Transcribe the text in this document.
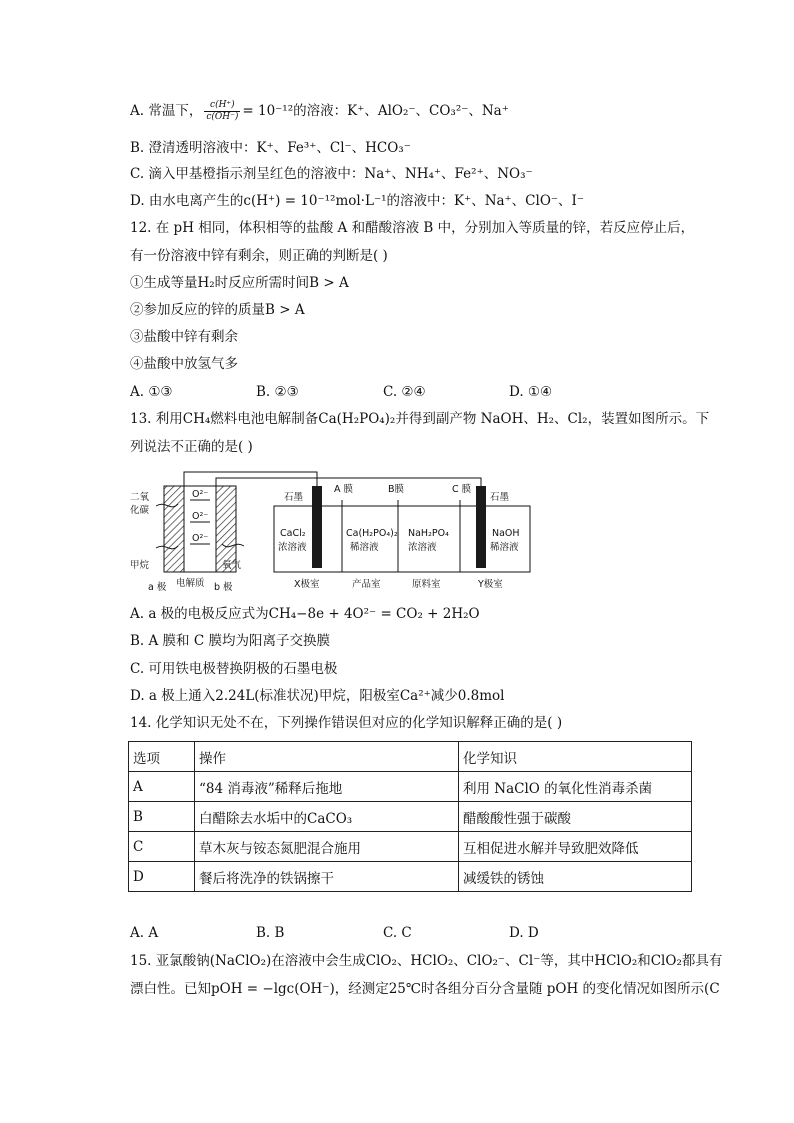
A. 常温下， $\frac{c(H^+)}{c(OH^-)} = 10^{-12}$的溶液：K⁺、AlO₂⁻、CO₃²⁻、Na⁺
B. 澄清透明溶液中：K⁺、Fe³⁺、Cl⁻、HCO₃⁻
C. 滴入甲基橙指示剂呈红色的溶液中：Na⁺、NH₄⁺、Fe²⁺、NO₃⁻
D. 由水电离产生的c(H⁺) = 10⁻¹²mol·L⁻¹的溶液中：K⁺、Na⁺、ClO⁻、I⁻
12. 在 pH 相同，体积相等的盐酸 A 和醋酸溶液 B 中，分别加入等质量的锌，若反应停止后，
有一份溶液中锌有剩余，则正确的判断是( )
①生成等量H₂时反应所需时间B > A
②参加反应的锌的质量B > A
③盐酸中锌有剩余
④盐酸中放氢气多
A. ①③	B. ②③	C. ②④	D. ①④
13. 利用CH₄燃料电池电解制备Ca(H₂PO₄)₂并得到副产物 NaOH、H₂、Cl₂，装置如图所示。下
列说法不正确的是( )
O²⁻
O²⁻
O²⁻
二氧
化碳
甲烷	氧气
a 极 电解质 b 极
石墨	石墨
A 膜	B膜	C 膜
CaCl₂
浓溶液
Ca(H₂PO₄)₂
稀溶液
NaH₂PO₄
浓溶液
NaOH
稀溶液
X极室	产品室	原料室	Y极室
A. a 极的电极反应式为CH₄−8e + 4O²⁻ = CO₂ + 2H₂O
B. A 膜和 C 膜均为阳离子交换膜
C. 可用铁电极替换阴极的石墨电极
D. a 极上通入2.24L(标准状况)甲烷，阳极室Ca²⁺减少0.8mol
14. 化学知识无处不在，下列操作错误但对应的化学知识解释正确的是( )
选项	操作	化学知识
A	“84 消毒液”稀释后拖地	利用 NaClO 的氧化性消毒杀菌
B	白醋除去水垢中的CaCO₃	醋酸酸性强于碳酸
C	草木灰与铵态氮肥混合施用	互相促进水解并导致肥效降低
D	餐后将洗净的铁锅擦干	减缓铁的锈蚀
A. A	B. B	C. C	D. D
15. 亚氯酸钠(NaClO₂)在溶液中会生成ClO₂、HClO₂、ClO₂⁻、Cl⁻等，其中HClO₂和ClO₂都具有
漂白性。已知pOH = −lgc(OH⁻)，经测定25℃时各组分百分含量随 pOH 的变化情况如图所示(C
